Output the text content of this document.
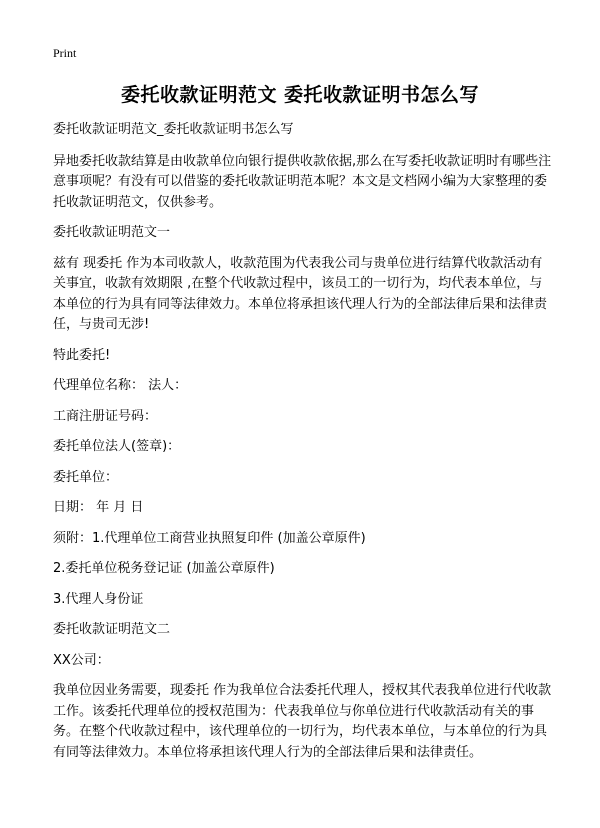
Print
委托收款证明范文 委托收款证明书怎么写

委托收款证明范文_委托收款证明书怎么写

异地委托收款结算是由收款单位向银行提供收款依据,那么在写委托收款证明时有哪些注意事项呢？有没有可以借鉴的委托收款证明范本呢？本文是文档网小编为大家整理的委托收款证明范文，仅供参考。

委托收款证明范文一

兹有 现委托 作为本司收款人，收款范围为代表我公司与贵单位进行结算代收款活动有关事宜，收款有效期限 ,在整个代收款过程中，该员工的一切行为，均代表本单位，与本单位的行为具有同等法律效力。本单位将承担该代理人行为的全部法律后果和法律责任，与贵司无涉!

特此委托!

代理单位名称： 法人：

工商注册证号码：

委托单位法人(签章)：

委托单位：

日期： 年 月 日

须附：1.代理单位工商营业执照复印件 (加盖公章原件)

2.委托单位税务登记证 (加盖公章原件)

3.代理人身份证

委托收款证明范文二

XX公司：

我单位因业务需要，现委托 作为我单位合法委托代理人，授权其代表我单位进行代收款工作。该委托代理单位的授权范围为：代表我单位与你单位进行代收款活动有关的事务。在整个代收款过程中，该代理单位的一切行为，均代表本单位，与本单位的行为具有同等法律效力。本单位将承担该代理人行为的全部法律后果和法律责任。
